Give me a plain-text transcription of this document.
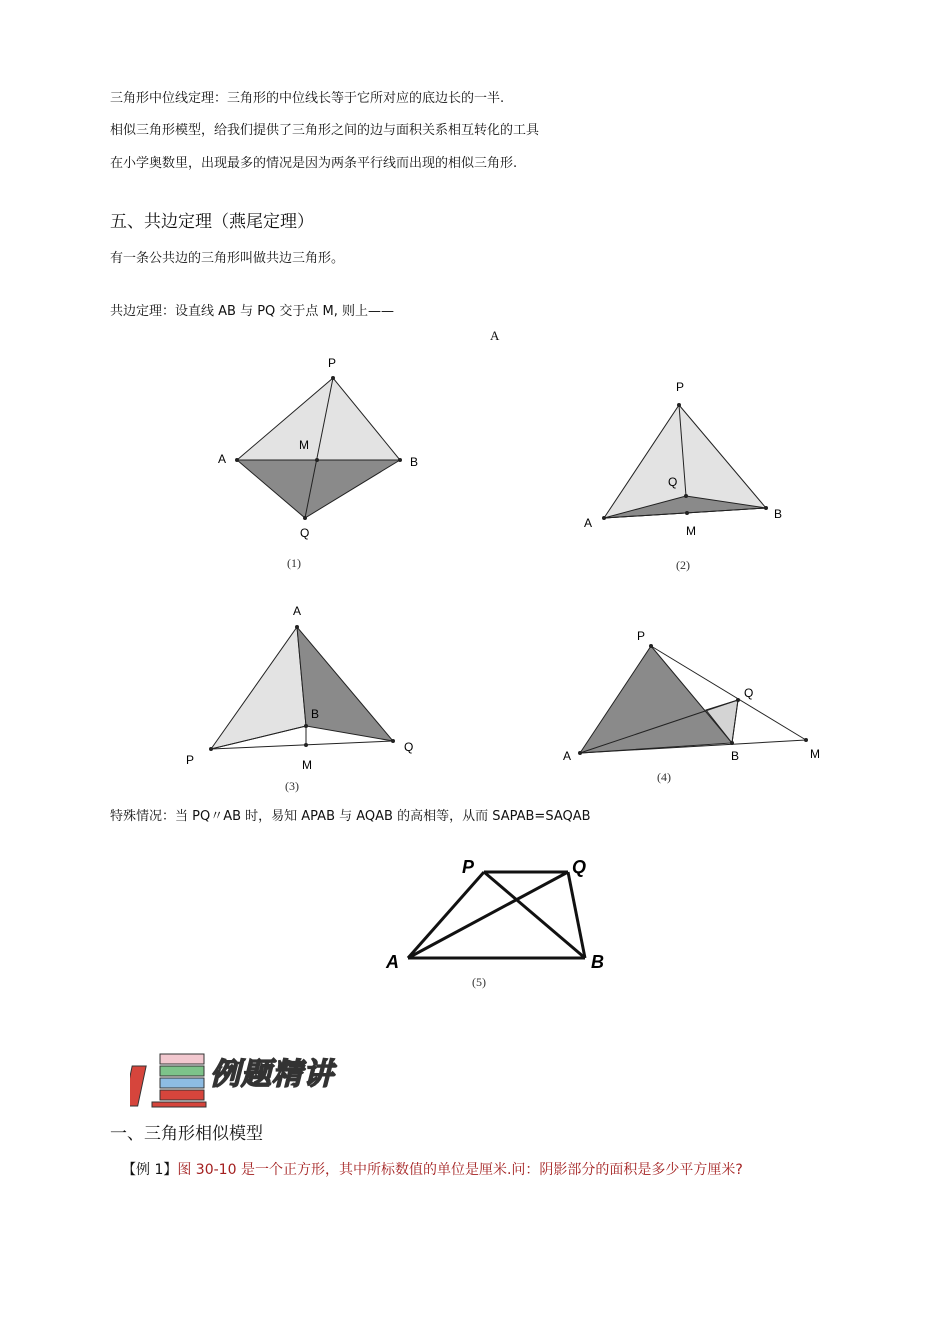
三角形中位线定理：三角形的中位线长等于它所对应的底边长的一半.
相似三角形模型，给我们提供了三角形之间的边与面积关系相互转化的工具
在小学奥数里，出现最多的情况是因为两条平行线而出现的相似三角形.
五、共边定理（燕尾定理）
有一条公共边的三角形叫做共边三角形。
共边定理：设直线 AB 与 PQ 交于点 M, 则上——
A
P
A	B
M
Q
(1)
P
Q
A
M
B
(2)
A
B
P	M
Q
(3)
P
Q
A	B	M
(4)
特殊情况：当 PQ〃AB 时，易知 APAB 与 AQAB 的高相等，从而 SAPAB=SAQAB
P	Q
A	B
(5)
例题精讲
一、三角形相似模型
【例 1】图 30-10 是一个正方形，其中所标数值的单位是厘米.问：阴影部分的面积是多少平方厘米?
